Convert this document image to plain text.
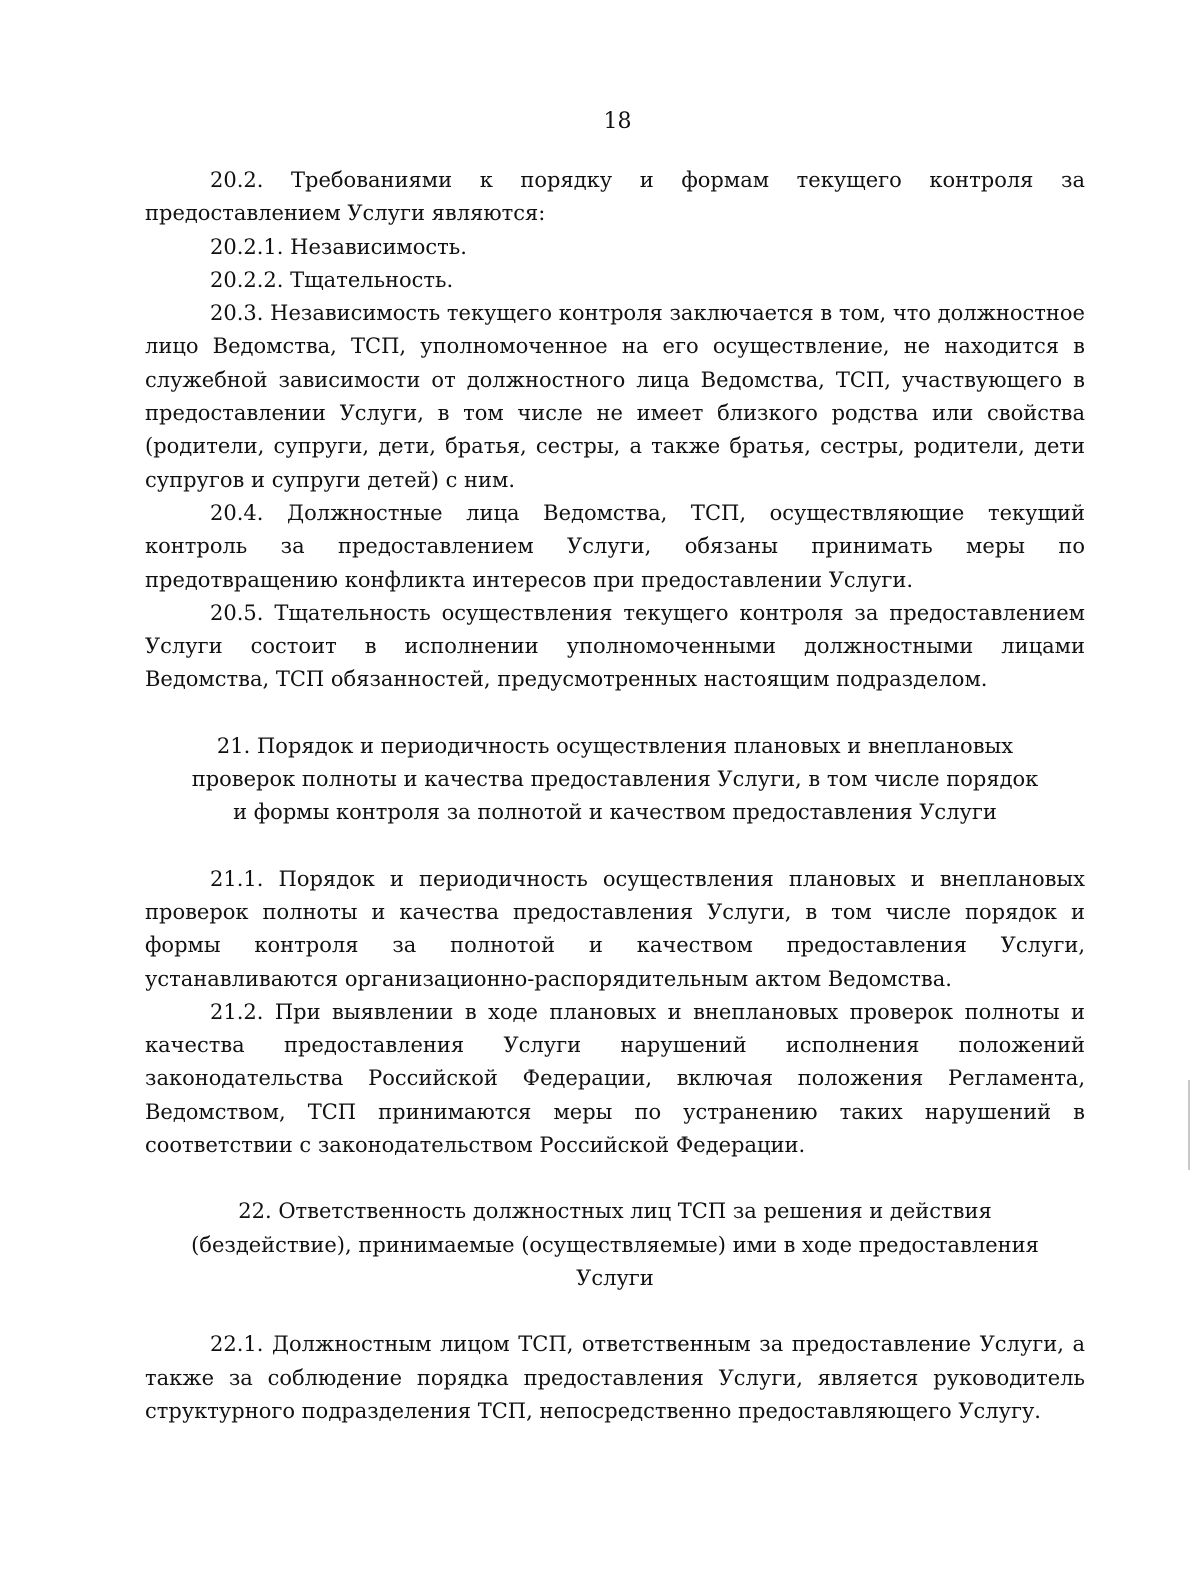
18

20.2. Требованиями к порядку и формам текущего контроля за предоставлением Услуги являются:

20.2.1. Независимость.

20.2.2. Тщательность.

20.3. Независимость текущего контроля заключается в том, что должностное лицо Ведомства, ТСП, уполномоченное на его осуществление, не находится в служебной зависимости от должностного лица Ведомства, ТСП, участвующего в предоставлении Услуги, в том числе не имеет близкого родства или свойства (родители, супруги, дети, братья, сестры, а также братья, сестры, родители, дети супругов и супруги детей) с ним.

20.4. Должностные лица Ведомства, ТСП, осуществляющие текущий контроль за предоставлением Услуги, обязаны принимать меры по предотвращению конфликта интересов при предоставлении Услуги.

20.5. Тщательность осуществления текущего контроля за предоставлением Услуги состоит в исполнении уполномоченными должностными лицами Ведомства, ТСП обязанностей, предусмотренных настоящим подразделом.

21. Порядок и периодичность осуществления плановых и внеплановых

проверок полноты и качества предоставления Услуги, в том числе порядок

и формы контроля за полнотой и качеством предоставления Услуги

21.1. Порядок и периодичность осуществления плановых и внеплановых проверок полноты и качества предоставления Услуги, в том числе порядок и формы контроля за полнотой и качеством предоставления Услуги, устанавливаются организационно-распорядительным актом Ведомства.

21.2. При выявлении в ходе плановых и внеплановых проверок полноты и качества предоставления Услуги нарушений исполнения положений законодательства Российской Федерации, включая положения Регламента, Ведомством, ТСП принимаются меры по устранению таких нарушений в соответствии с законодательством Российской Федерации.

22. Ответственность должностных лиц ТСП за решения и действия

(бездействие), принимаемые (осуществляемые) ими в ходе предоставления Услуги

22.1. Должностным лицом ТСП, ответственным за предоставление Услуги, а также за соблюдение порядка предоставления Услуги, является руководитель структурного подразделения ТСП, непосредственно предоставляющего Услугу.
